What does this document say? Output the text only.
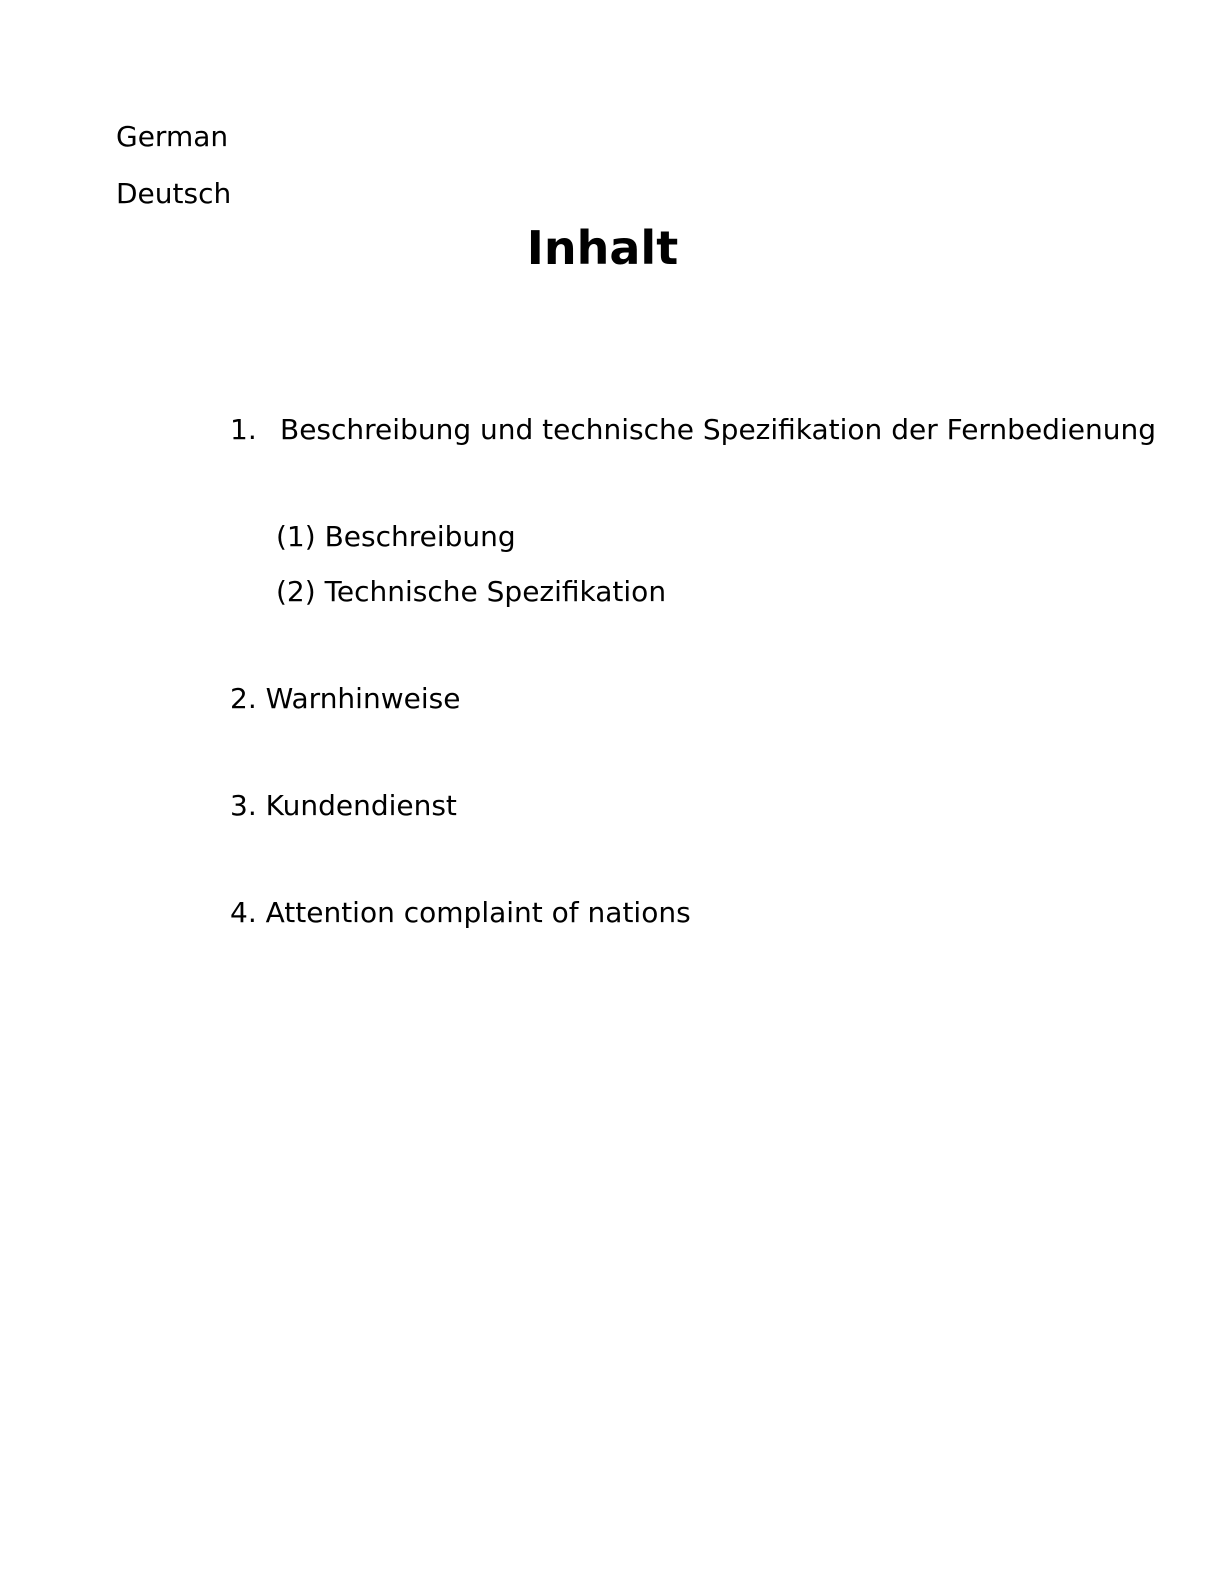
German

Deutsch

Inhalt

1. Beschreibung und technische Spezifikation der Fernbedienung

(1) Beschreibung

(2) Technische Spezifikation

2. Warnhinweise

3. Kundendienst

4. Attention complaint of nations
